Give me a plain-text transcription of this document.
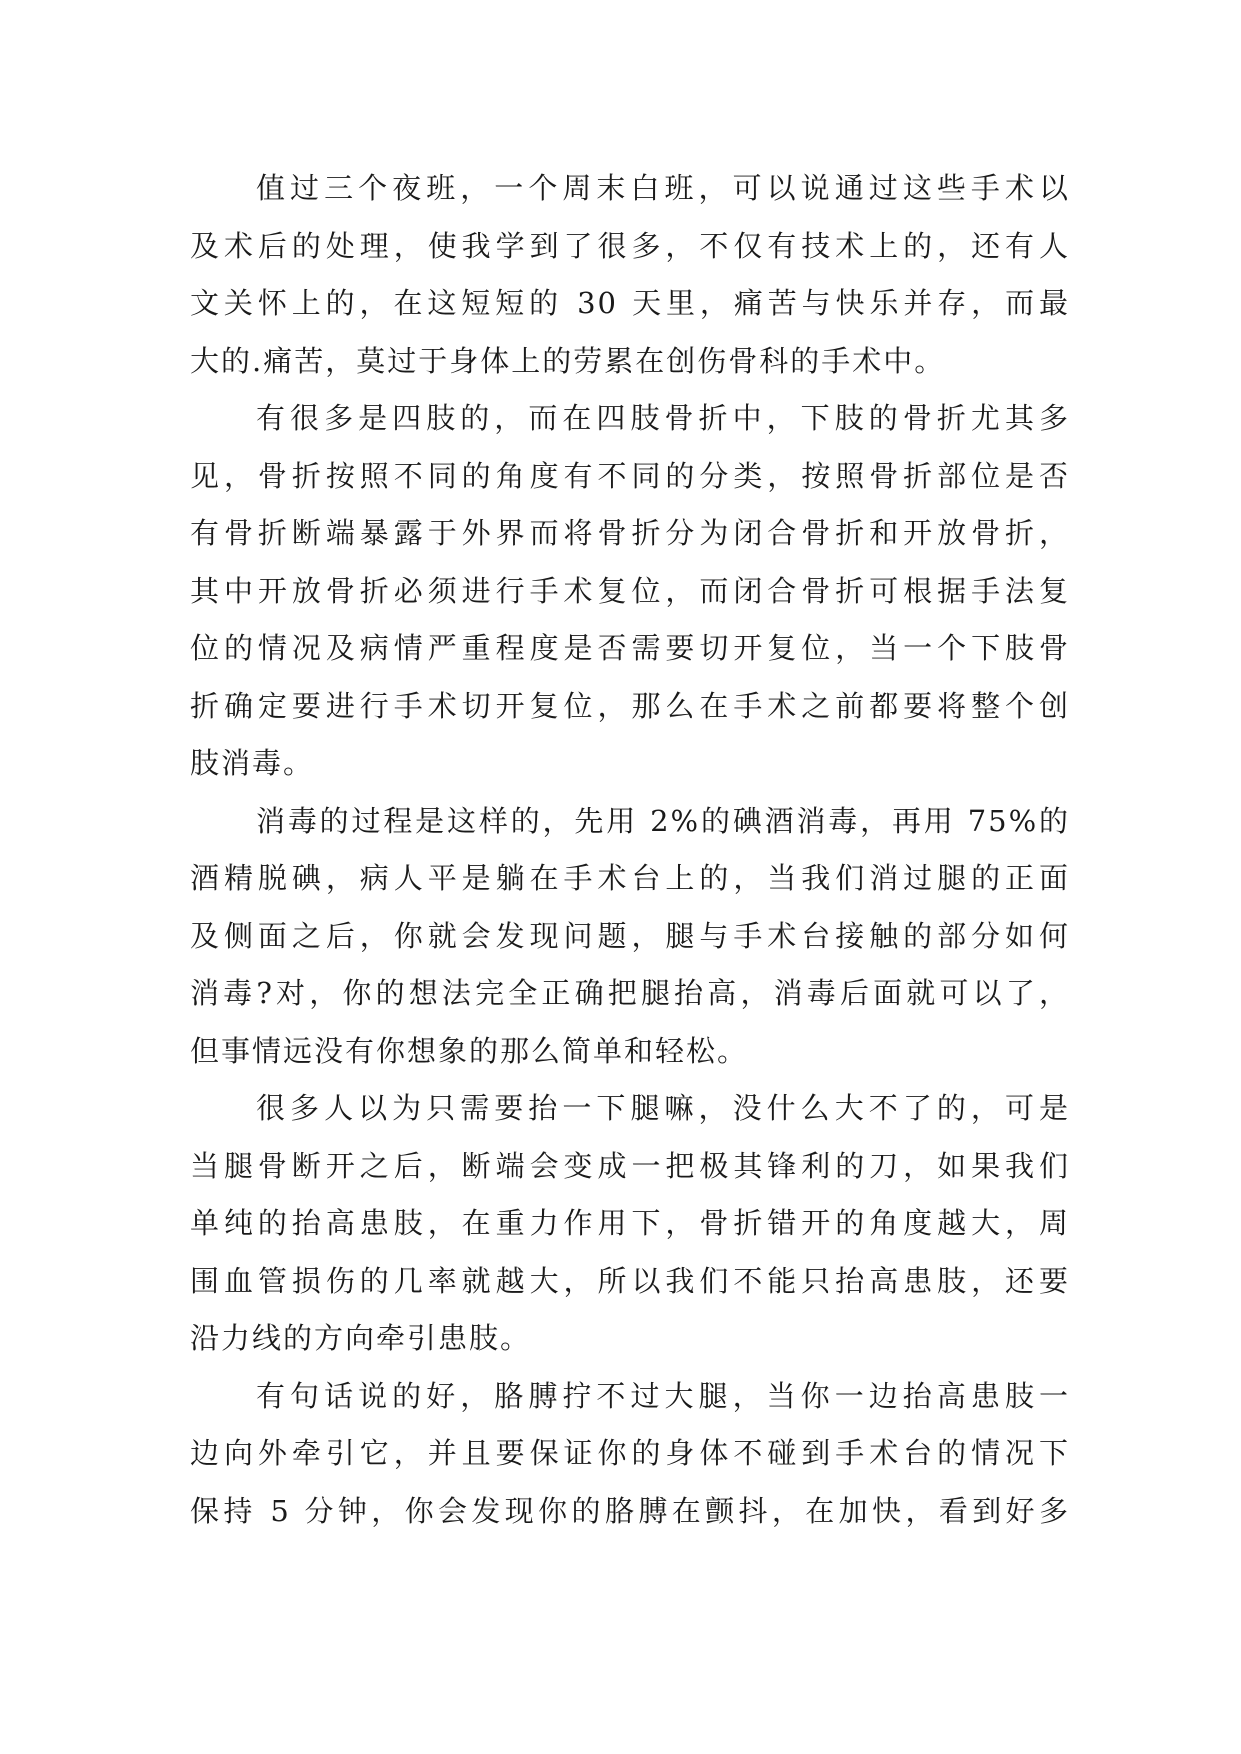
值过三个夜班，一个周末白班，可以说通过这些手术以
及术后的处理，使我学到了很多，不仅有技术上的，还有人
文关怀上的，在这短短的 30 天里，痛苦与快乐并存，而最
大的.痛苦，莫过于身体上的劳累在创伤骨科的手术中。
有很多是四肢的，而在四肢骨折中，下肢的骨折尤其多
见，骨折按照不同的角度有不同的分类，按照骨折部位是否
有骨折断端暴露于外界而将骨折分为闭合骨折和开放骨折，
其中开放骨折必须进行手术复位，而闭合骨折可根据手法复
位的情况及病情严重程度是否需要切开复位，当一个下肢骨
折确定要进行手术切开复位，那么在手术之前都要将整个创
肢消毒。
消毒的过程是这样的，先用 2%的碘酒消毒，再用 75%的
酒精脱碘，病人平是躺在手术台上的，当我们消过腿的正面
及侧面之后，你就会发现问题，腿与手术台接触的部分如何
消毒?对，你的想法完全正确把腿抬高，消毒后面就可以了，
但事情远没有你想象的那么简单和轻松。
很多人以为只需要抬一下腿嘛，没什么大不了的，可是
当腿骨断开之后，断端会变成一把极其锋利的刀，如果我们
单纯的抬高患肢，在重力作用下，骨折错开的角度越大，周
围血管损伤的几率就越大，所以我们不能只抬高患肢，还要
沿力线的方向牵引患肢。
有句话说的好，胳膊拧不过大腿，当你一边抬高患肢一
边向外牵引它，并且要保证你的身体不碰到手术台的情况下
保持 5 分钟，你会发现你的胳膊在颤抖，在加快，看到好多
